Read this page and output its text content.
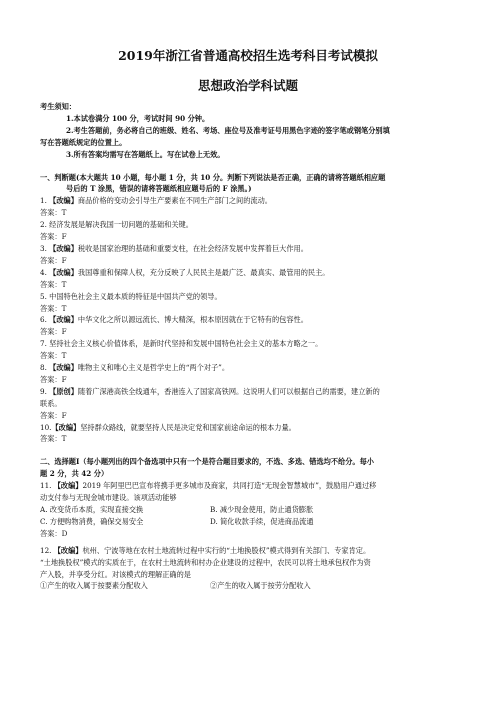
2019年浙江省普通高校招生选考科目考试模拟
思想政治学科试题
考生须知：
1.本试卷满分 100 分，考试时间 90 分钟。
2.考生答题前，务必将自己的班级、姓名、考场、座位号及准考证号用黑色字迹的签字笔或钢笔分别填
写在答题纸规定的位置上。
3.所有答案均需写在答题纸上。写在试卷上无效。
一、判断题(本大题共 10 小题，每小题 1 分，共 10 分。判断下列说法是否正确，正确的请将答题纸相应题
号后的 T 涂黑，错误的请将答题纸相应题号后的 F 涂黑。)
1. 【改编】商品价格的变动会引导生产要素在不同生产部门之间的流动。
答案：T
2. 经济发展是解决我国一切问题的基础和关键。
答案：F
3. 【改编】税收是国家治理的基础和重要支柱，在社会经济发展中发挥着巨大作用。
答案：F
4. 【改编】我国尊重和保障人权，充分反映了人民民主是最广泛、最真实、最管用的民主。
答案：T
5. 中国特色社会主义最本质的特征是中国共产党的领导。
答案：T
6. 【改编】中华文化之所以源远流长、博大精深，根本原因就在于它特有的包容性。
答案：F
7. 坚持社会主义核心价值体系，是新时代坚持和发展中国特色社会主义的基本方略之一。
答案：T
8. 【改编】唯物主义和唯心主义是哲学史上的“两个对子”。
答案：F
9. 【原创】随着广深港高铁全线通车，香港连入了国家高铁网。这说明人们可以根据自己的需要，建立新的
联系。
答案：F
10.【改编】坚持群众路线，就要坚持人民是决定党和国家前途命运的根本力量。
答案：T
二、选择题Ⅰ（每小题列出的四个备选项中只有一个是符合题目要求的，不选、多选、错选均不给分。每小
题 2 分，共 42 分）
11. 【改编】2019 年阿里巴巴宣布将携手更多城市及商家，共同打造“无现金智慧城市”，鼓励用户通过移
动支付参与无现金城市建设。该项活动能够
A. 改变货币本质，实现直接交换	B. 减少现金使用，防止通货膨胀
C. 方便购物消费，确保交易安全	D. 简化收款手续，促进商品流通
答案：D
12. 【改编】杭州、宁波等地在农村土地流转过程中实行的“土地换股权”模式得到有关部门、专家肯定。
“土地换股权”模式的实质在于，在农村土地流转和村办企业建设的过程中，农民可以将土地承包权作为资
产入股，并享受分红。对该模式的理解正确的是
①产生的收入属于按要素分配收入	②产生的收入属于按劳分配收入
